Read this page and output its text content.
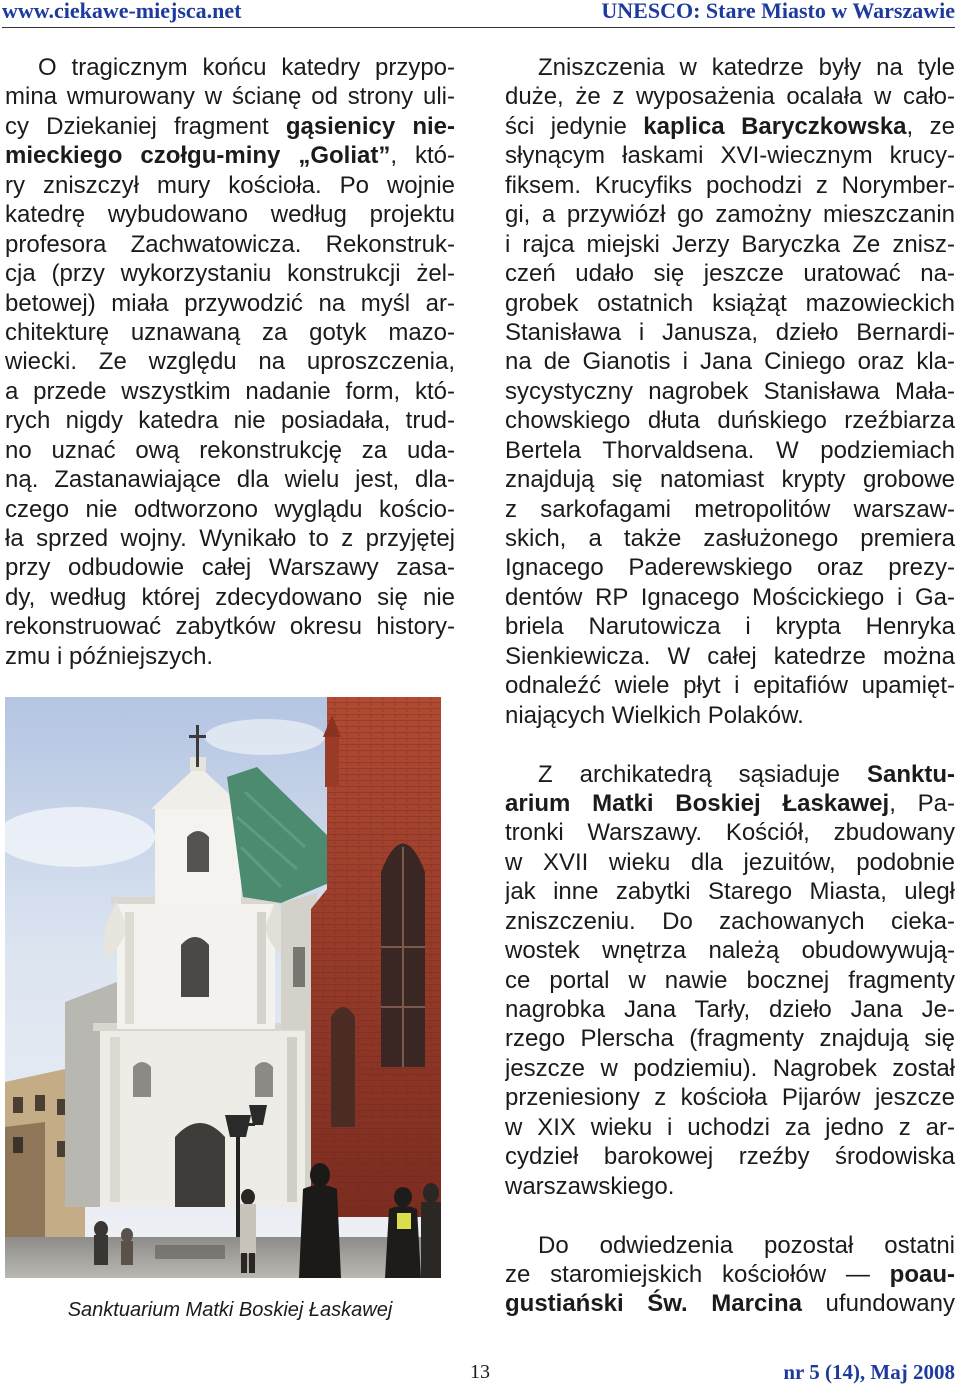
www.ciekawe-miejsca.net	UNESCO: Stare Miasto w Warszawie
O tragicznym końcu katedry przypo-
mina wmurowany w ścianę od strony uli-
cy Dziekaniej fragment gąsienicy nie-
mieckiego czołgu-miny „Goliat”, któ-
ry zniszczył mury kościoła. Po wojnie
katedrę wybudowano według projektu
profesora Zachwatowicza. Rekonstruk-
cja (przy wykorzystaniu konstrukcji żel-
betowej) miała przywodzić na myśl ar-
chitekturę uznawaną za gotyk mazo-
wiecki. Ze względu na uproszczenia,
a przede wszystkim nadanie form, któ-
rych nigdy katedra nie posiadała, trud-
no uznać ową rekonstrukcję za uda-
ną. Zastanawiające dla wielu jest, dla-
czego nie odtworzono wyglądu kościo-
ła sprzed wojny. Wynikało to z przyjętej
przy odbudowie całej Warszawy zasa-
dy, według której zdecydowano się nie
rekonstruować zabytków okresu history-
zmu i późniejszych.
Zniszczenia w katedrze były na tyle
duże, że z wyposażenia ocalała w cało-
ści jedynie kaplica Baryczkowska, ze
słynącym łaskami XVI-wiecznym krucy-
fiksem. Krucyfiks pochodzi z Norymber-
gi, a przywiózł go zamożny mieszczanin
i rajca miejski Jerzy Baryczka Ze znisz-
czeń udało się jeszcze uratować na-
grobek ostatnich książąt mazowieckich
Stanisława i Janusza, dzieło Bernardi-
na de Gianotis i Jana Ciniego oraz kla-
sycystyczny nagrobek Stanisława Mała-
chowskiego dłuta duńskiego rzeźbiarza
Bertela Thorvaldsena. W podziemiach
znajdują się natomiast krypty grobowe
z sarkofagami metropolitów warszaw-
skich, a także zasłużonego premiera
Ignacego Paderewskiego oraz prezy-
dentów RP Ignacego Mościckiego i Ga-
briela Narutowicza i krypta Henryka
Sienkiewicza. W całej katedrze można
odnaleźć wiele płyt i epitafiów upamięt-
niających Wielkich Polaków.
Z archikatedrą sąsiaduje Sanktu-
arium Matki Boskiej Łaskawej, Pa-
tronki Warszawy. Kościół, zbudowany
w XVII wieku dla jezuitów, podobnie
jak inne zabytki Starego Miasta, uległ
zniszczeniu. Do zachowanych cieka-
wostek wnętrza należą obudowywują-
ce portal w nawie bocznej fragmenty
nagrobka Jana Tarły, dzieło Jana Je-
rzego Plerscha (fragmenty znajdują się
jeszcze w podziemiu). Nagrobek został
przeniesiony z kościoła Pijarów jeszcze
w XIX wieku i uchodzi za jedno z ar-
cydzieł barokowej rzeźby środowiska
warszawskiego.
Do odwiedzenia pozostał ostatni
ze staromiejskich kościołów — poau-
gustiański Św. Marcina ufundowany
Sanktuarium Matki Boskiej Łaskawej
13	nr 5 (14), Maj 2008
